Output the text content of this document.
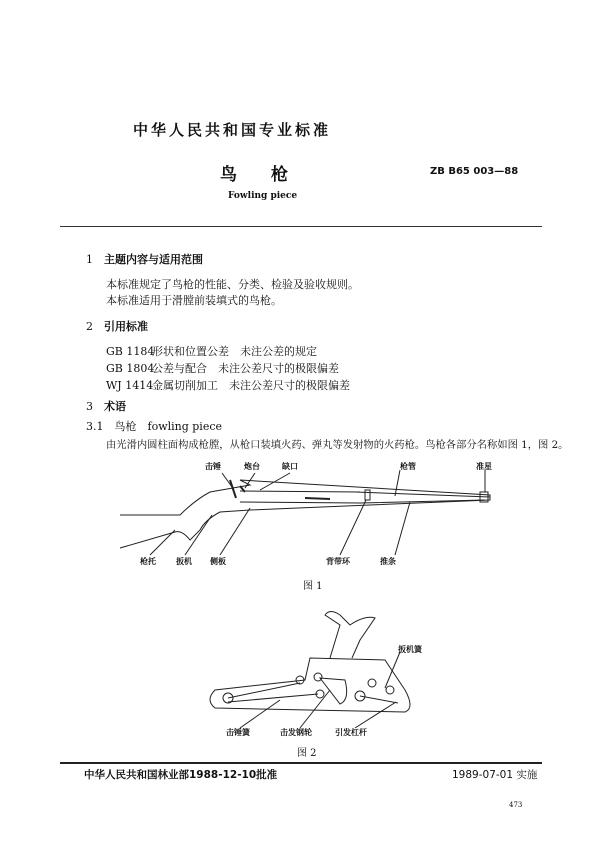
中华人民共和国专业标准
鸟　　枪	ZB B65 003—88
Fowling piece
1　 主题内容与适用范围
本标准规定了鸟枪的性能、分类、检验及验收规则。
本标准适用于滑膛前装填式的鸟枪。
2　 引用标准
GB 1184形状和位置公差　未注公差的规定
GB 1804公差与配合　未注公差尺寸的极限偏差
WJ 1414金属切削加工　未注公差尺寸的极限偏差
3　 术语
3.1　 鸟枪　fowling piece
由光滑内圆柱面构成枪膛，从枪口装填火药、弹丸等发射物的火药枪。鸟枪各部分名称如图 1，图 2。
击锤	炮台	缺口	枪管	准星
枪托	扳机 侧板	背带环	推条
图 1
扳机簧
击锤簧	击发钢轮	引发杠杆
图 2
中华人民共和国林业部1988-12-10批准	1989-07-01 实施
473
